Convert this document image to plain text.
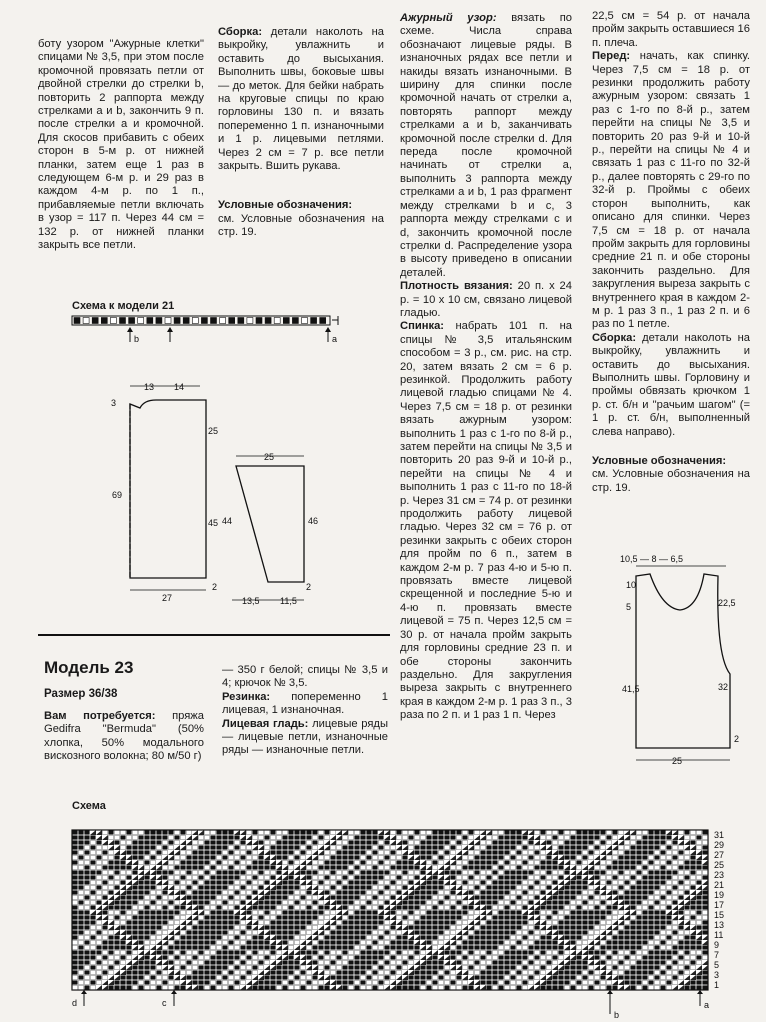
боту узором "Ажурные клетки" спицами № 3,5, при этом после кромочной провязать петли от двойной стрелки до стрелки b, повторить 2 раппорта между стрелками a и b, закончить 9 п. после стрелки a и кромочной. Для скосов прибавить с обеих сторон в 5-м р. от нижней планки, затем еще 1 раз в следующем 6-м р. и 29 раз в каждом 4-м р. по 1 п., прибавляемые петли включать в узор = 117 п. Через 44 см = 132 р. от нижней планки закрыть все петли.

Сборка: детали наколоть на выкройку, увлажнить и оставить до высыхания. Выполнить швы, боковые швы — до меток. Для бейки набрать на круговые спицы по краю горловины 130 п. и вязать попеременно 1 п. изнаночными и 1 р. лицевыми петлями. Через 2 см = 7 р. все петли закрыть. Вшить рукава.

Условные обозначения:
см. Условные обозначения на стр. 19.

Ажурный узор: вязать по схеме. Числа справа обозначают лицевые ряды. В изнаночных рядах все петли и накиды вязать изнаночными. В ширину для спинки после кромочной начать от стрелки a, повторять раппорт между стрелками a и b, заканчивать кромочной после стрелки d. Для переда после кромочной начинать от стрелки a, выполнить 3 раппорта между стрелками a и b, 1 раз фрагмент между стрелками b и c, 3 раппорта между стрелками c и d, закончить кромочной после стрелки d. Распределение узора в высоту приведено в описании деталей.

Плотность вязания: 20 п. х 24 р. = 10 х 10 см, связано лицевой гладью.

Спинка: набрать 101 п. на спицы № 3,5 итальянским способом = 3 р., см. рис. на стр. 20, затем вязать 2 см = 6 р. резинкой. Продолжить работу лицевой гладью спицами № 4. Через 7,5 см = 18 р. от резинки вязать ажурным узором: выполнить 1 раз с 1-го по 8-й р., затем перейти на спицы № 3,5 и повторить 20 раз 9-й и 10-й р., перейти на спицы № 4 и выполнить 1 раз с 11-го по 18-й р. Через 31 см = 74 р. от резинки продолжить работу лицевой гладью. Через 32 см = 76 р. от резинки закрыть с обеих сторон для пройм по 6 п., затем в каждом 2-м р. 7 раз 4-ю и 5-ю п. провязать вместе лицевой скрещенной и последние 5-ю и 4-ю п. провязать вместе лицевой = 75 п. Через 12,5 см = 30 р. от начала пройм закрыть для горловины средние 23 п. и обе стороны закончить раздельно. Для закругления выреза закрыть с внутреннего края в каждом 2-м р. 1 раз 3 п., 3 раза по 2 п. и 1 раз 1 п. Через

22,5 см = 54 р. от начала пройм закрыть оставшиеся 16 п. плеча.

Перед: начать, как спинку. Через 7,5 см = 18 р. от резинки продолжить работу ажурным узором: связать 1 раз с 1-го по 8-й р., затем перейти на спицы № 3,5 и повторить 20 раз 9-й и 10-й р., перейти на спицы № 4 и связать 1 раз с 11-го по 32-й р., далее повторять с 29-го по 32-й р. Проймы с обеих сторон выполнить, как описано для спинки. Через 7,5 см = 18 р. от начала пройм закрыть для горловины средние 21 п. и обе стороны закончить раздельно. Для закругления выреза закрыть с внутреннего края в каждом 2-м р. 1 раз 3 п., 1 раз 2 п. и 6 раз по 1 петле.

Сборка: детали наколоть на выкройку, увлажнить и оставить до высыхания. Выполнить швы. Горловину и проймы обвязать крючком 1 р. ст. б/н и "рачьим шагом" (= 1 р. ст. б/н, выполненный слева направо).

Условные обозначения:
см. Условные обозначения на стр. 19.

Схема к модели 21
b	a
13 14
3
69
25
45
27
2
25
44	46
2
13,5 11,5
Модель 23
Размер 36/38

Вам потребуется: пряжа Gedifra "Bermuda" (50% хлопка, 50% модального вискозного волокна; 80 м/50 г)

— 350 г белой; спицы № 3,5 и 4; крючок № 3,5.

Резинка: попеременно 1 лицевая, 1 изнаночная.

Лицевая гладь: лицевые ряды — лицевые петли, изнаночные ряды — изнаночные петли.

10,5 — 8 — 6,5
10
5
41,5
22,5
32
2
25
Схема
31
29
27
25
23
21
19
17
15
13
11
9
7
5
3
1
d	c
b
a
